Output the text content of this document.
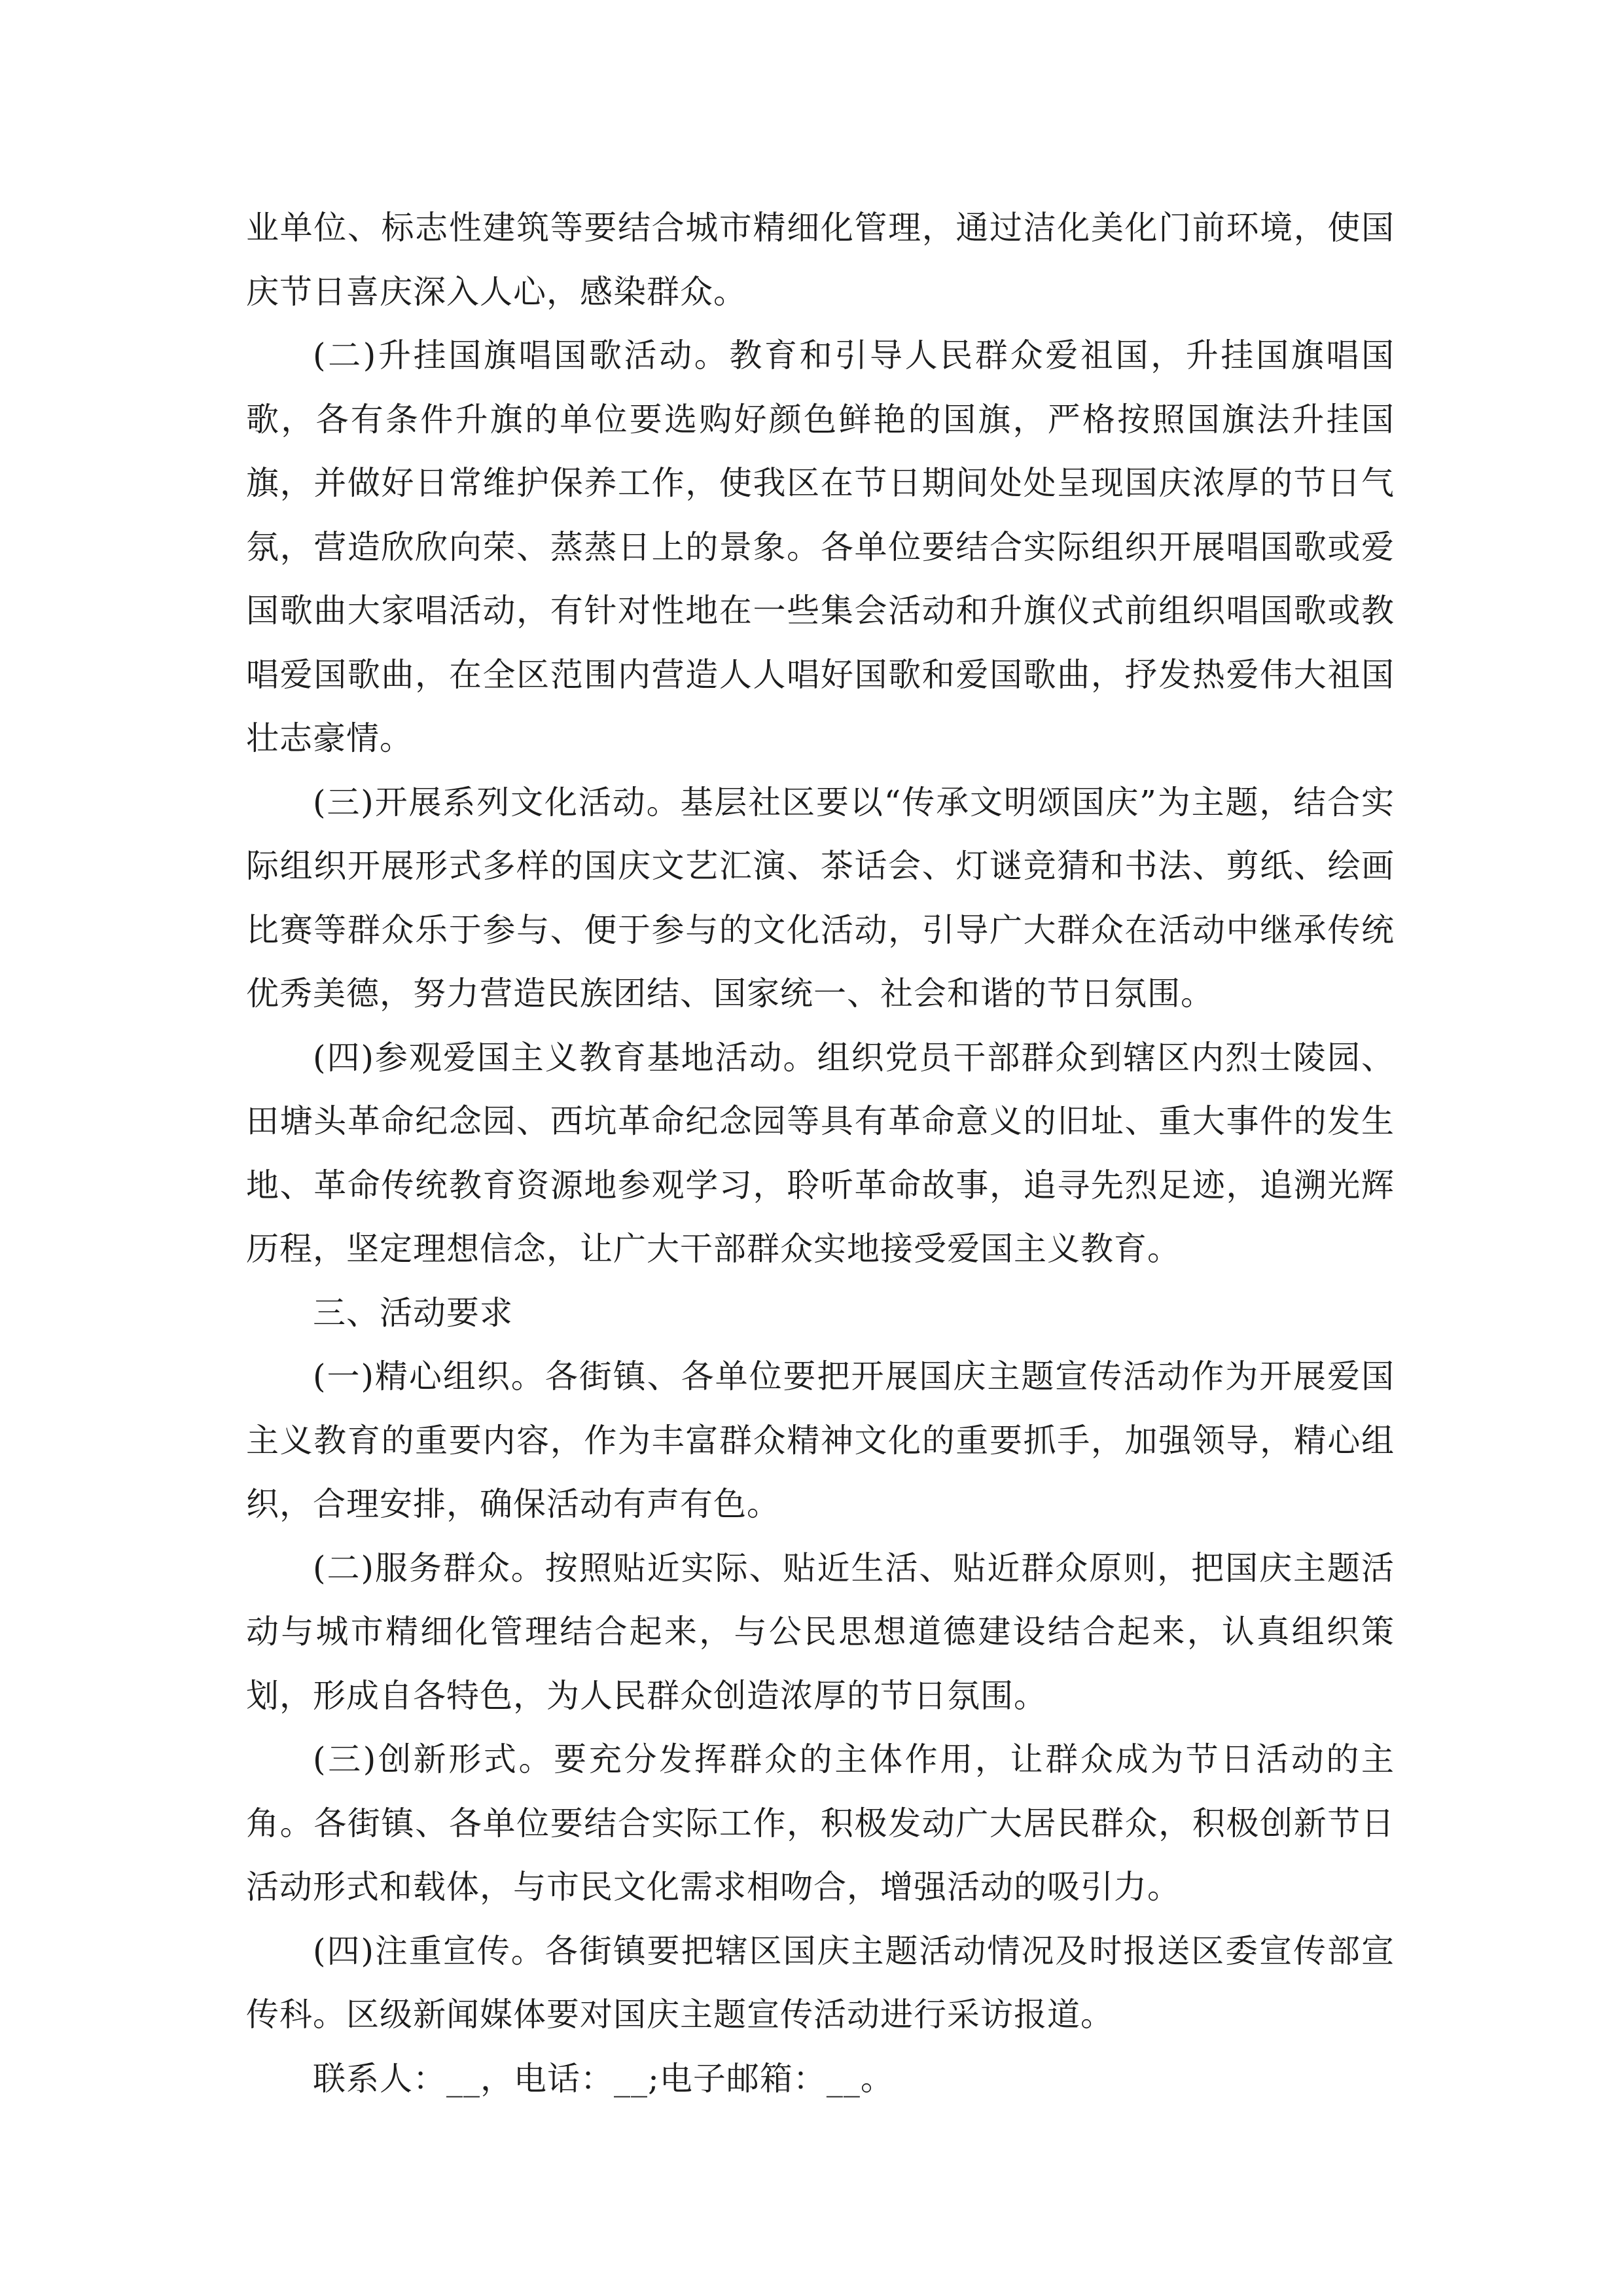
业单位、标志性建筑等要结合城市精细化管理，通过洁化美化门前环境，使国庆节日喜庆深入人心，感染群众。

(二)升挂国旗唱国歌活动。教育和引导人民群众爱祖国，升挂国旗唱国歌，各有条件升旗的单位要选购好颜色鲜艳的国旗，严格按照国旗法升挂国旗，并做好日常维护保养工作，使我区在节日期间处处呈现国庆浓厚的节日气氛，营造欣欣向荣、蒸蒸日上的景象。各单位要结合实际组织开展唱国歌或爱国歌曲大家唱活动，有针对性地在一些集会活动和升旗仪式前组织唱国歌或教唱爱国歌曲，在全区范围内营造人人唱好国歌和爱国歌曲，抒发热爱伟大祖国壮志豪情。

(三)开展系列文化活动。基层社区要以“传承文明颂国庆”为主题，结合实际组织开展形式多样的国庆文艺汇演、茶话会、灯谜竞猜和书法、剪纸、绘画比赛等群众乐于参与、便于参与的文化活动，引导广大群众在活动中继承传统优秀美德，努力营造民族团结、国家统一、社会和谐的节日氛围。

(四)参观爱国主义教育基地活动。组织党员干部群众到辖区内烈士陵园、田塘头革命纪念园、西坑革命纪念园等具有革命意义的旧址、重大事件的发生地、革命传统教育资源地参观学习，聆听革命故事，追寻先烈足迹，追溯光辉历程，坚定理想信念，让广大干部群众实地接受爱国主义教育。

三、活动要求

(一)精心组织。各街镇、各单位要把开展国庆主题宣传活动作为开展爱国主义教育的重要内容，作为丰富群众精神文化的重要抓手，加强领导，精心组织，合理安排，确保活动有声有色。

(二)服务群众。按照贴近实际、贴近生活、贴近群众原则，把国庆主题活动与城市精细化管理结合起来，与公民思想道德建设结合起来，认真组织策划，形成自各特色，为人民群众创造浓厚的节日氛围。

(三)创新形式。要充分发挥群众的主体作用，让群众成为节日活动的主角。各街镇、各单位要结合实际工作，积极发动广大居民群众，积极创新节日活动形式和载体，与市民文化需求相吻合，增强活动的吸引力。

(四)注重宣传。各街镇要把辖区国庆主题活动情况及时报送区委宣传部宣传科。区级新闻媒体要对国庆主题宣传活动进行采访报道。

联系人：__，电话：__;电子邮箱：__。
